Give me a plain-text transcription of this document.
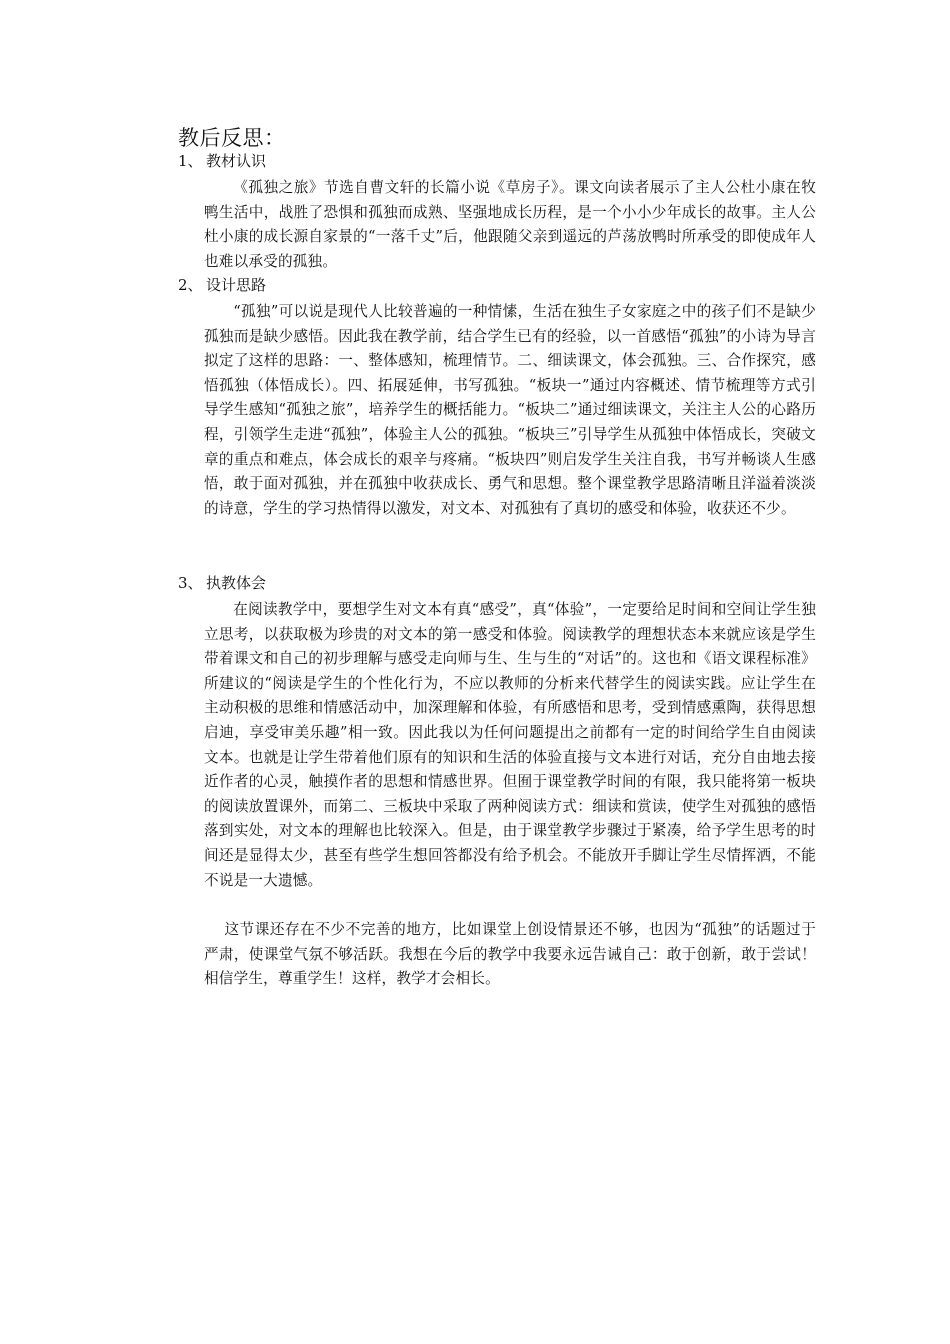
教后反思：
1、 教材认识

《孤独之旅》节选自曹文轩的长篇小说《草房子》。课文向读者展示了主人公杜小康在牧鸭生活中，战胜了恐惧和孤独而成熟、坚强地成长历程，是一个小小少年成长的故事。主人公杜小康的成长源自家景的“一落千丈”后，他跟随父亲到遥远的芦荡放鸭时所承受的即使成年人也难以承受的孤独。

2、 设计思路

“孤独”可以说是现代人比较普遍的一种情愫，生活在独生子女家庭之中的孩子们不是缺少孤独而是缺少感悟。因此我在教学前，结合学生已有的经验，以一首感悟“孤独”的小诗为导言拟定了这样的思路：一、整体感知，梳理情节。二、细读课文，体会孤独。三、合作探究，感悟孤独（体悟成长）。四、拓展延伸，书写孤独。“板块一”通过内容概述、情节梳理等方式引导学生感知“孤独之旅”，培养学生的概括能力。“板块二”通过细读课文，关注主人公的心路历程，引领学生走进“孤独”，体验主人公的孤独。“板块三”引导学生从孤独中体悟成长，突破文章的重点和难点，体会成长的艰辛与疼痛。“板块四”则启发学生关注自我，书写并畅谈人生感悟，敢于面对孤独，并在孤独中收获成长、勇气和思想。整个课堂教学思路清晰且洋溢着淡淡的诗意，学生的学习热情得以激发，对文本、对孤独有了真切的感受和体验，收获还不少。

3、 执教体会

在阅读教学中，要想学生对文本有真“感受”，真“体验”，一定要给足时间和空间让学生独立思考，以获取极为珍贵的对文本的第一感受和体验。阅读教学的理想状态本来就应该是学生带着课文和自己的初步理解与感受走向师与生、生与生的“对话”的。这也和《语文课程标准》所建议的“阅读是学生的个性化行为，不应以教师的分析来代替学生的阅读实践。应让学生在主动积极的思维和情感活动中，加深理解和体验，有所感悟和思考，受到情感熏陶，获得思想启迪，享受审美乐趣”相一致。因此我以为任何问题提出之前都有一定的时间给学生自由阅读文本。也就是让学生带着他们原有的知识和生活的体验直接与文本进行对话，充分自由地去接近作者的心灵，触摸作者的思想和情感世界。但囿于课堂教学时间的有限，我只能将第一板块的阅读放置课外，而第二、三板块中采取了两种阅读方式：细读和赏读，使学生对孤独的感悟落到实处，对文本的理解也比较深入。但是，由于课堂教学步骤过于紧凑，给予学生思考的时间还是显得太少，甚至有些学生想回答都没有给予机会。不能放开手脚让学生尽情挥洒，不能不说是一大遗憾。

这节课还存在不少不完善的地方，比如课堂上创设情景还不够，也因为“孤独”的话题过于严肃，使课堂气氛不够活跃。我想在今后的教学中我要永远告诫自己：敢于创新，敢于尝试！相信学生，尊重学生！这样，教学才会相长。
